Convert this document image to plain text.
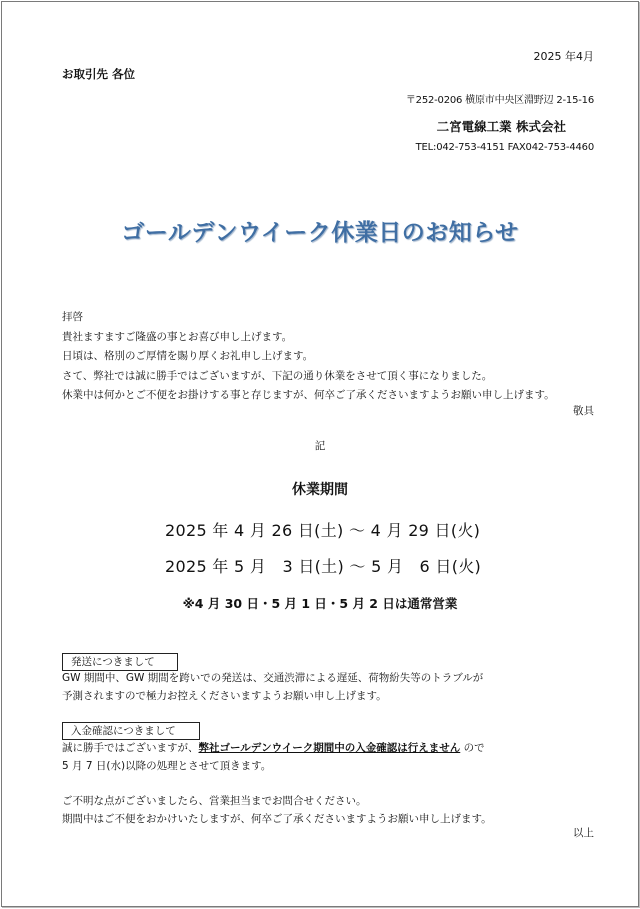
2025 年4月
お取引先 各位
〒252-0206 横原市中央区淵野辺 2-15-16
二宮電線工業 株式会社
TEL:042-753-4151 FAX042-753-4460
ゴールデンウイーク休業日のお知らせ
拝啓
貴社ますますご隆盛の事とお喜び申し上げます。
日頃は、格別のご厚情を賜り厚くお礼申し上げます。
さて、弊社では誠に勝手ではございますが、下記の通り休業をさせて頂く事になりました。
休業中は何かとご不便をお掛けする事と存じますが、何卒ご了承くださいますようお願い申し上げます。
敬具
記
休業期間
2025 年 4 月 26 日(土) ～ 4 月 29 日(火)
2025 年 5 月　3 日(土) ～ 5 月　6 日(火)
※4 月 30 日・5 月 1 日・5 月 2 日は通常営業
発送につきまして
GW 期間中、GW 期間を跨いでの発送は、交通渋滞による遅延、荷物紛失等のトラブルが
予測されますので極力お控えくださいますようお願い申し上げます。
入金確認につきまして
誠に勝手ではございますが、弊社ゴールデンウイーク期間中の入金確認は行えません ので
5 月 7 日(水)以降の処理とさせて頂きます。
ご不明な点がございましたら、営業担当までお問合せください。
期間中はご不便をおかけいたしますが、何卒ご了承くださいますようお願い申し上げます。
以上
